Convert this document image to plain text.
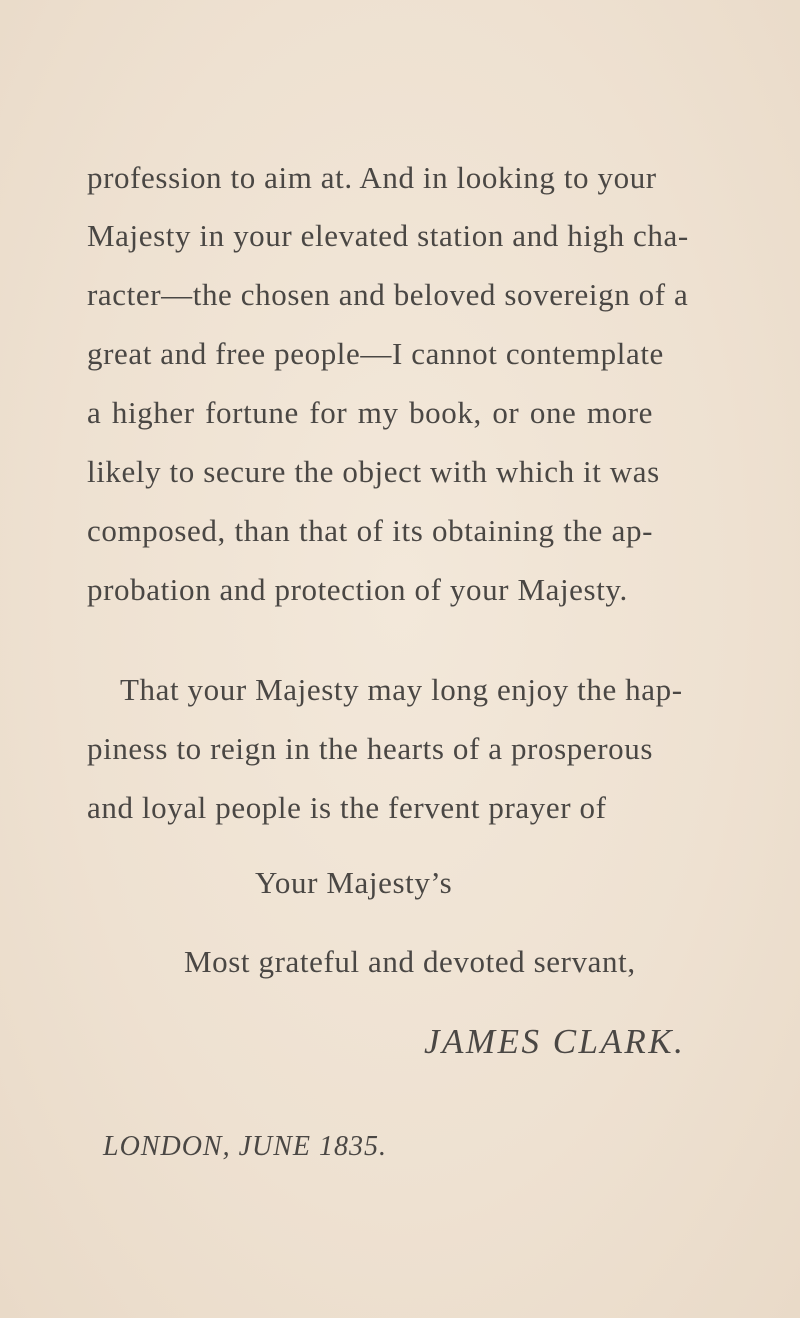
profession to aim at. And in looking to your
Majesty in your elevated station and high cha-
racter—the chosen and beloved sovereign of a
great and free people—I cannot contemplate
a higher fortune for my book, or one more
likely to secure the object with which it was
composed, than that of its obtaining the ap-
probation and protection of your Majesty.
That your Majesty may long enjoy the hap-
piness to reign in the hearts of a prosperous
and loyal people is the fervent prayer of
Your Majesty’s
Most grateful and devoted servant,
JAMES CLARK.
LONDON, JUNE 1835.
